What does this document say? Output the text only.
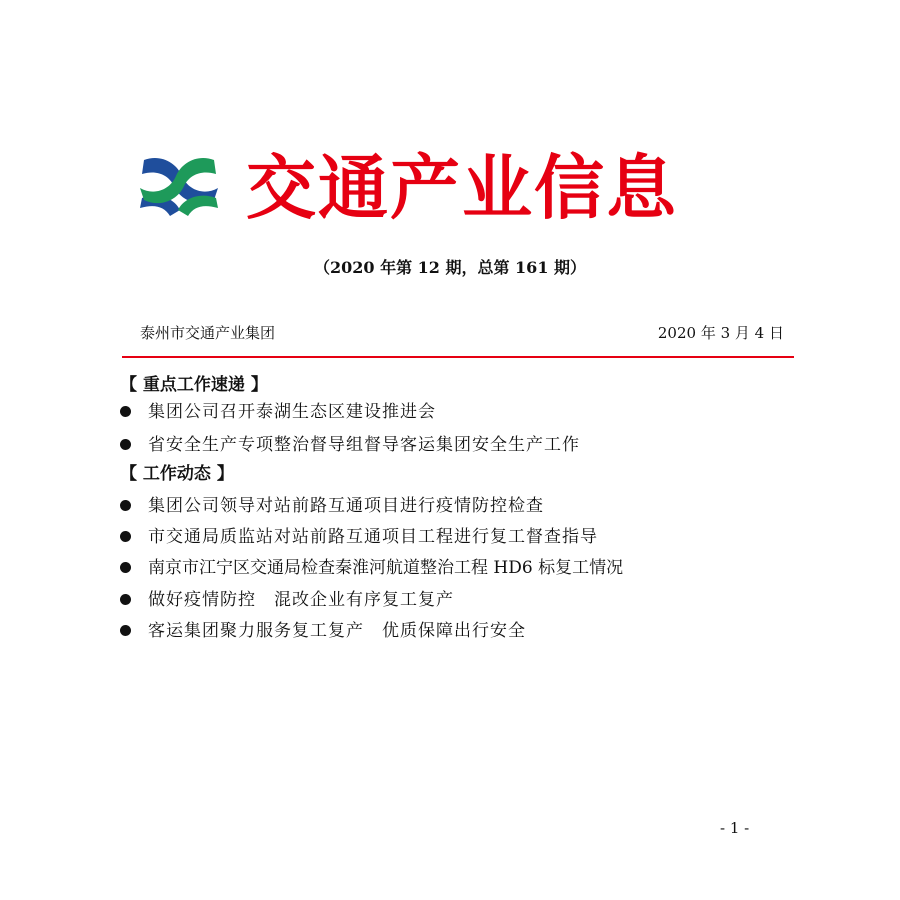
交通产业信息
（2020 年第 12 期，总第 161 期）
泰州市交通产业集团	2020 年 3 月 4 日
【 重点工作速递 】
集团公司召开泰湖生态区建设推进会
省安全生产专项整治督导组督导客运集团安全生产工作
【 工作动态 】
集团公司领导对站前路互通项目进行疫情防控检查
市交通局质监站对站前路互通项目工程进行复工督查指导
南京市江宁区交通局检查秦淮河航道整治工程 HD6 标复工情况
做好疫情防控　混改企业有序复工复产
客运集团聚力服务复工复产　优质保障出行安全
- 1 -
